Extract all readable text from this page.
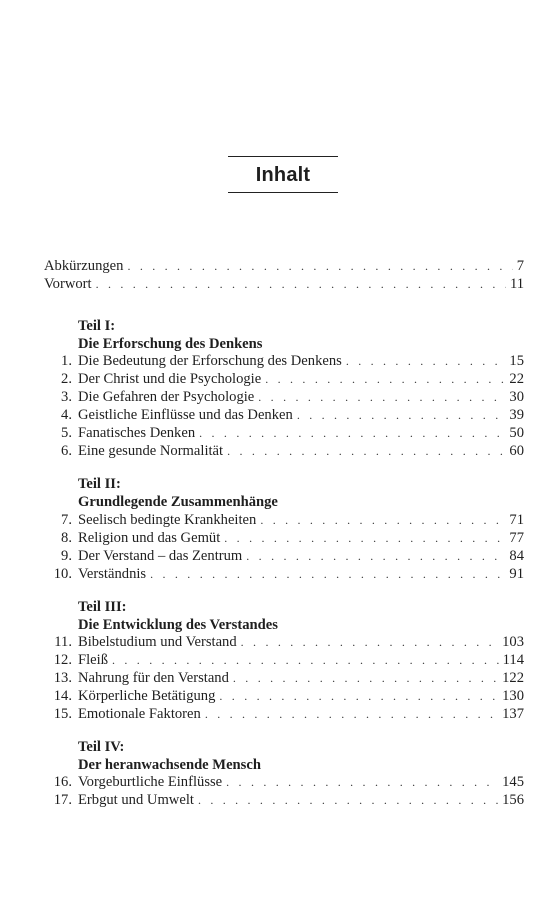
Inhalt
Abkürzungen . . .	7
Vorwort . . .	11
Teil I:
Die Erforschung des Denkens
1. Die Bedeutung der Erforschung des Denkens . . .	15
2. Der Christ und die Psychologie . . .	22
3. Die Gefahren der Psychologie . . .	30
4. Geistliche Einflüsse und das Denken . . .	39
5. Fanatisches Denken . . .	50
6. Eine gesunde Normalität . . .	60
Teil II:
Grundlegende Zusammenhänge
7. Seelisch bedingte Krankheiten . . .	71
8. Religion und das Gemüt . . .	77
9. Der Verstand – das Zentrum . . .	84
10. Verständnis . . .	91
Teil III:
Die Entwicklung des Verstandes
11. Bibelstudium und Verstand . . .	103
12. Fleiß . . .	114
13. Nahrung für den Verstand . . .	122
14. Körperliche Betätigung . . .	130
15. Emotionale Faktoren . . .	137
Teil IV:
Der heranwachsende Mensch
16. Vorgeburtliche Einflüsse . . .	145
17. Erbgut und Umwelt . . .	156
